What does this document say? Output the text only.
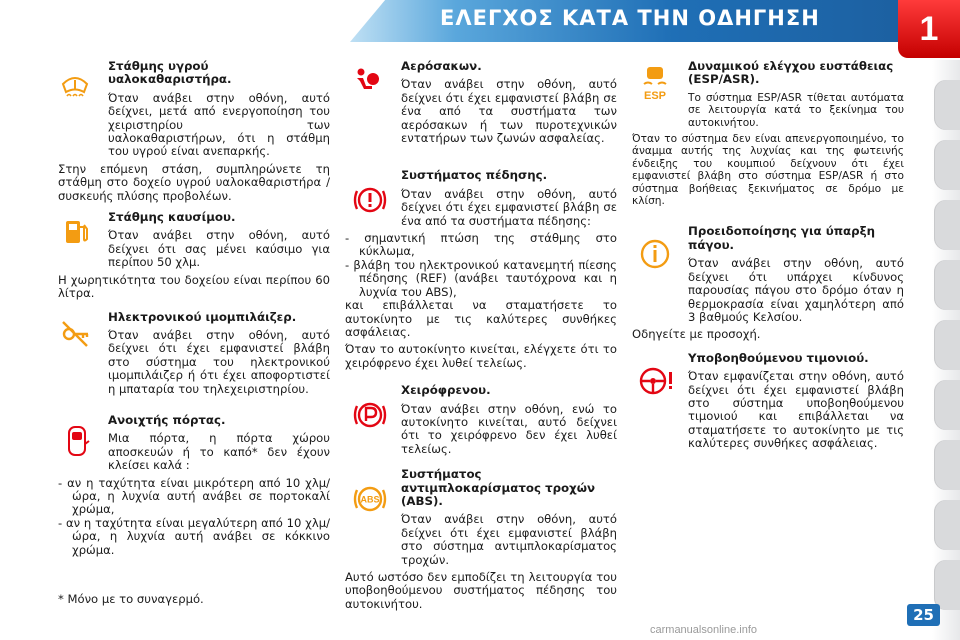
ΕΛΕΓΧΟΣ ΚΑΤΑ ΤΗΝ ΟΔΗΓΗΣΗ	1
Στάθμης υγρού υαλοκαθαριστήρα.
Όταν ανάβει στην οθόνη, αυτό δείχνει, μετά από ενεργοποίηση του χειριστηρίου των υαλοκαθαριστήρων, ότι η στάθμη του υγρού είναι ανεπαρκής.
Στην επόμενη στάση, συμπληρώνετε τη στάθμη στο δοχείο υγρού υαλοκαθαριστήρα / συσκευής πλύσης προβολέων.
Στάθμης καυσίμου.
Όταν ανάβει στην οθόνη, αυτό δείχνει ότι σας μένει καύσιμο για περίπου 50 χλμ.
Η χωρητικότητα του δοχείου είναι περίπου 60 λίτρα.
Ηλεκτρονικού ιμομπιλάιζερ.
Όταν ανάβει στην οθόνη, αυτό δείχνει ότι έχει εμφανιστεί βλάβη στο σύστημα του ηλεκτρονικού ιμομπιλάιζερ ή ότι έχει αποφορτιστεί η μπαταρία του τηλεχειριστηρίου.
Ανοιχτής πόρτας.
Μια πόρτα, η πόρτα χώρου αποσκευών ή το καπό* δεν έχουν κλείσει καλά :
- αν η ταχύτητα είναι μικρότερη από 10 χλμ/ώρα, η λυχνία αυτή ανάβει σε πορτοκαλί χρώμα,
- αν η ταχύτητα είναι μεγαλύτερη από 10 χλμ/ώρα, η λυχνία αυτή ανάβει σε κόκκινο χρώμα.
* Μόνο με το συναγερμό.
Αερόσακων.
Όταν ανάβει στην οθόνη, αυτό δείχνει ότι έχει εμφανιστεί βλάβη σε ένα από τα συστήματα των αερόσακων ή των πυροτεχνικών εντατήρων των ζωνών ασφαλείας.
Συστήματος πέδησης.
Όταν ανάβει στην οθόνη, αυτό δείχνει ότι έχει εμφανιστεί βλάβη σε ένα από τα συστήματα πέδησης:
- σημαντική πτώση της στάθμης στο κύκλωμα,
- βλάβη του ηλεκτρονικού κατανεμητή πίεσης πέδησης (REF) (ανάβει ταυτόχρονα και η λυχνία του ABS),
και επιβάλλεται να σταματήσετε το αυτοκίνητο με τις καλύτερες συνθήκες ασφάλειας.
Όταν το αυτοκίνητο κινείται, ελέγχετε ότι το χειρόφρενο έχει λυθεί τελείως.
Χειρόφρενου.
Όταν ανάβει στην οθόνη, ενώ το αυτοκίνητο κινείται, αυτό δείχνει ότι το χειρόφρενο δεν έχει λυθεί τελείως.
ABS
Συστήματος αντιμπλοκαρίσματος τροχών (ABS).
Όταν ανάβει στην οθόνη, αυτό δείχνει ότι έχει εμφανιστεί βλάβη στο σύστημα αντιμπλοκαρίσματος τροχών.
Αυτό ωστόσο δεν εμποδίζει τη λειτουργία του υποβοηθούμενου συστήματος πέδησης του αυτοκινήτου.
ESP
Δυναμικού ελέγχου ευστάθειας (ESP/ASR).
Το σύστημα ESP/ASR τίθεται αυτόματα σε λειτουργία κατά το ξεκίνημα του αυτοκινήτου.
Όταν το σύστημα δεν είναι απενεργοποιημένο, το άναμμα αυτής της λυχνίας και της φωτεινής ένδειξης του κουμπιού δείχνουν ότι έχει εμφανιστεί βλάβη στο σύστημα ESP/ASR ή στο σύστημα βοήθειας ξεκινήματος σε δρόμο με κλίση.
Προειδοποίησης για ύπαρξη πάγου.
Όταν ανάβει στην οθόνη, αυτό δείχνει ότι υπάρχει κίνδυνος παρουσίας πάγου στο δρόμο όταν η θερμοκρασία είναι χαμηλότερη από 3 βαθμούς Κελσίου.
Οδηγείτε με προσοχή.
Υποβοηθούμενου τιμονιού.
Όταν εμφανίζεται στην οθόνη, αυτό δείχνει ότι έχει εμφανιστεί βλάβη στο σύστημα υποβοηθούμενου τιμονιού και επιβάλλεται να σταματήσετε το αυτοκίνητο με τις καλύτερες συνθήκες ασφάλειας.
25
carmanualsonline.info
